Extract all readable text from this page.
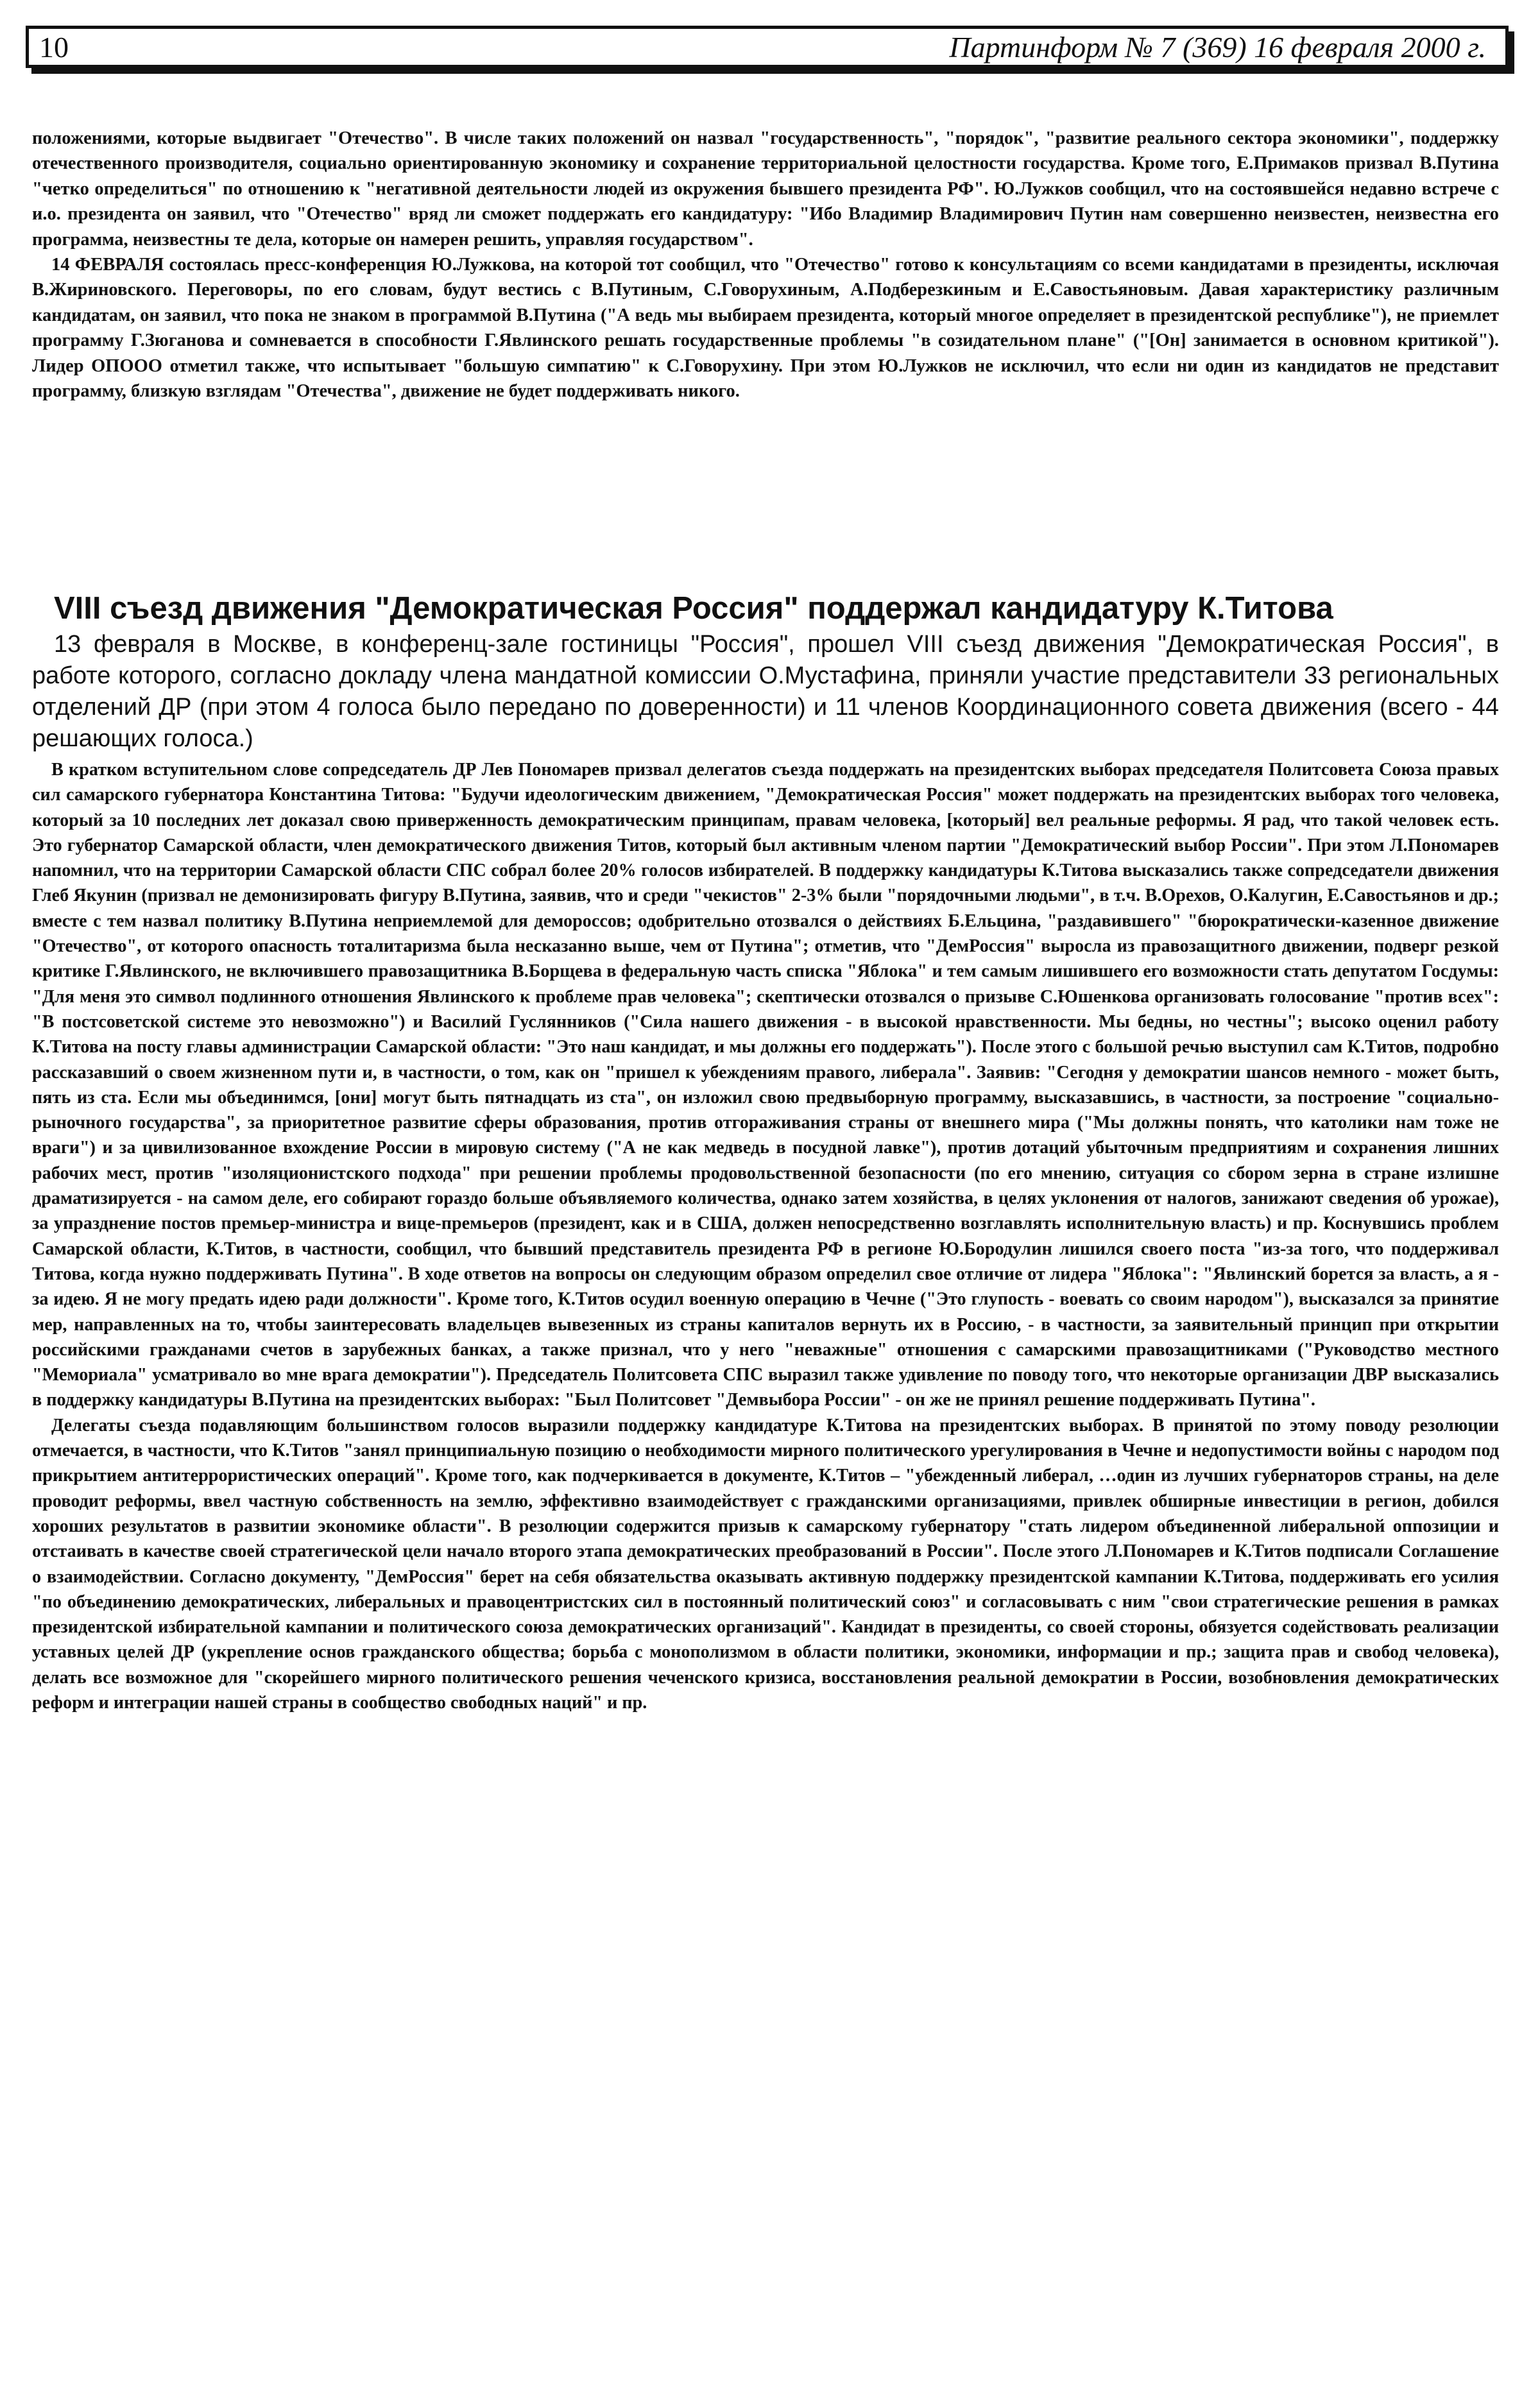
10	Партинформ № 7 (369) 16 февраля 2000 г.

положениями, которые выдвигает "Отечество". В числе таких положений он назвал "государственность", "порядок", "развитие реального сектора экономики", поддержку отечественного производителя, социально ориентированную экономику и сохранение территориальной целостности государства. Кроме того, Е.Примаков призвал В.Путина "четко определиться" по отношению к "негативной деятельности людей из окружения бывшего президента РФ". Ю.Лужков сообщил, что на состоявшейся недавно встрече с и.о. президента он заявил, что "Отечество" вряд ли сможет поддержать его кандидатуру: "Ибо Владимир Владимирович Путин нам совершенно неизвестен, неизвестна его программа, неизвестны те дела, которые он намерен решить, управляя государством".

14 ФЕВРАЛЯ состоялась пресс-конференция Ю.Лужкова, на которой тот сообщил, что "Отечество" готово к консультациям со всеми кандидатами в президенты, исключая В.Жириновского. Переговоры, по его словам, будут вестись с В.Путиным, С.Говорухиным, А.Подберезкиным и Е.Савостьяновым. Давая характеристику различным кандидатам, он заявил, что пока не знаком в программой В.Путина ("А ведь мы выбираем президента, который многое определяет в президентской республике"), не приемлет программу Г.Зюганова и сомневается в способности Г.Явлинского решать государственные проблемы "в созидательном плане" ("[Он] занимается в основном критикой"). Лидер ОПООО отметил также, что испытывает "большую симпатию" к С.Говорухину. При этом Ю.Лужков не исключил, что если ни один из кандидатов не представит программу, близкую взглядам "Отечества", движение не будет поддерживать никого.

VIII съезд движения "Демократическая Россия" поддержал кандидатуру К.Титова

13 февраля в Москве, в конференц-зале гостиницы "Россия", прошел VIII съезд движения "Демократическая Россия", в работе которого, согласно докладу члена мандатной комиссии О.Мустафина, приняли участие представители 33 региональных отделений ДР (при этом 4 голоса было передано по доверенности) и 11 членов Координационного совета движения (всего - 44 решающих голоса.)

В кратком вступительном слове сопредседатель ДР Лев Пономарев призвал делегатов съезда поддержать на президентских выборах председателя Политсовета Союза правых сил самарского губернатора Константина Титова: "Будучи идеологическим движением, "Демократическая Россия" может поддержать на президентских выборах того человека, который за 10 последних лет доказал свою приверженность демократическим принципам, правам человека, [который] вел реальные реформы. Я рад, что такой человек есть. Это губернатор Самарской области, член демократического движения Титов, который был активным членом партии "Демократический выбор России". При этом Л.Пономарев напомнил, что на территории Самарской области СПС собрал более 20% голосов избирателей. В поддержку кандидатуры К.Титова высказались также сопредседатели движения Глеб Якунин (призвал не демонизировать фигуру В.Путина, заявив, что и среди "чекистов" 2-3% были "порядочными людьми", в т.ч. В.Орехов, О.Калугин, Е.Савостьянов и др.; вместе с тем назвал политику В.Путина неприемлемой для демороссов; одобрительно отозвался о действиях Б.Ельцина, "раздавившего" "бюрократически-казенное движение "Отечество", от которого опасность тоталитаризма была несказанно выше, чем от Путина"; отметив, что "ДемРоссия" выросла из правозащитного движении, подверг резкой критике Г.Явлинского, не включившего правозащитника В.Борщева в федеральную часть списка "Яблока" и тем самым лишившего его возможности стать депутатом Госдумы: "Для меня это символ подлинного отношения Явлинского к проблеме прав человека"; скептически отозвался о призыве С.Юшенкова организовать голосование "против всех": "В постсоветской системе это невозможно") и Василий Гуслянников ("Сила нашего движения - в высокой нравственности. Мы бедны, но честны"; высоко оценил работу К.Титова на посту главы администрации Самарской области: "Это наш кандидат, и мы должны его поддержать"). После этого с большой речью выступил сам К.Титов, подробно рассказавший о своем жизненном пути и, в частности, о том, как он "пришел к убеждениям правого, либерала". Заявив: "Сегодня у демократии шансов немного - может быть, пять из ста. Если мы объединимся, [они] могут быть пятнадцать из ста", он изложил свою предвыборную программу, высказавшись, в частности, за построение "социально-рыночного государства", за приоритетное развитие сферы образования, против отгораживания страны от внешнего мира ("Мы должны понять, что католики нам тоже не враги") и за цивилизованное вхождение России в мировую систему ("А не как медведь в посудной лавке"), против дотаций убыточным предприятиям и сохранения лишних рабочих мест, против "изоляционистского подхода" при решении проблемы продовольственной безопасности (по его мнению, ситуация со сбором зерна в стране излишне драматизируется - на самом деле, его собирают гораздо больше объявляемого количества, однако затем хозяйства, в целях уклонения от налогов, занижают сведения об урожае), за упразднение постов премьер-министра и вице-премьеров (президент, как и в США, должен непосредственно возглавлять исполнительную власть) и пр. Коснувшись проблем Самарской области, К.Титов, в частности, сообщил, что бывший представитель президента РФ в регионе Ю.Бородулин лишился своего поста "из-за того, что поддерживал Титова, когда нужно поддерживать Путина". В ходе ответов на вопросы он следующим образом определил свое отличие от лидера "Яблока": "Явлинский борется за власть, а я - за идею. Я не могу предать идею ради должности". Кроме того, К.Титов осудил военную операцию в Чечне ("Это глупость - воевать со своим народом"), высказался за принятие мер, направленных на то, чтобы заинтересовать владельцев вывезенных из страны капиталов вернуть их в Россию, - в частности, за заявительный принцип при открытии российскими гражданами счетов в зарубежных банках, а также признал, что у него "неважные" отношения с самарскими правозащитниками ("Руководство местного "Мемориала" усматривало во мне врага демократии"). Председатель Политсовета СПС выразил также удивление по поводу того, что некоторые организации ДВР высказались в поддержку кандидатуры В.Путина на президентских выборах: "Был Политсовет "Демвыбора России" - он же не принял решение поддерживать Путина".

Делегаты съезда подавляющим большинством голосов выразили поддержку кандидатуре К.Титова на президентских выборах. В принятой по этому поводу резолюции отмечается, в частности, что К.Титов "занял принципиальную позицию о необходимости мирного политического урегулирования в Чечне и недопустимости войны с народом под прикрытием антитеррористических операций". Кроме того, как подчеркивается в документе, К.Титов – "убежденный либерал, …один из лучших губернаторов страны, на деле проводит реформы, ввел частную собственность на землю, эффективно взаимодействует с гражданскими организациями, привлек обширные инвестиции в регион, добился хороших результатов в развитии экономике области". В резолюции содержится призыв к самарскому губернатору "стать лидером объединенной либеральной оппозиции и отстаивать в качестве своей стратегической цели начало второго этапа демократических преобразований в России". После этого Л.Пономарев и К.Титов подписали Соглашение о взаимодействии. Согласно документу, "ДемРоссия" берет на себя обязательства оказывать активную поддержку президентской кампании К.Титова, поддерживать его усилия "по объединению демократических, либеральных и правоцентристских сил в постоянный политический союз" и согласовывать с ним "свои стратегические решения в рамках президентской избирательной кампании и политического союза демократических организаций". Кандидат в президенты, со своей стороны, обязуется содействовать реализации уставных целей ДР (укрепление основ гражданского общества; борьба с монополизмом в области политики, экономики, информации и пр.; защита прав и свобод человека), делать все возможное для "скорейшего мирного политического решения чеченского кризиса, восстановления реальной демократии в России, возобновления демократических реформ и интеграции нашей страны в сообщество свободных наций" и пр.
